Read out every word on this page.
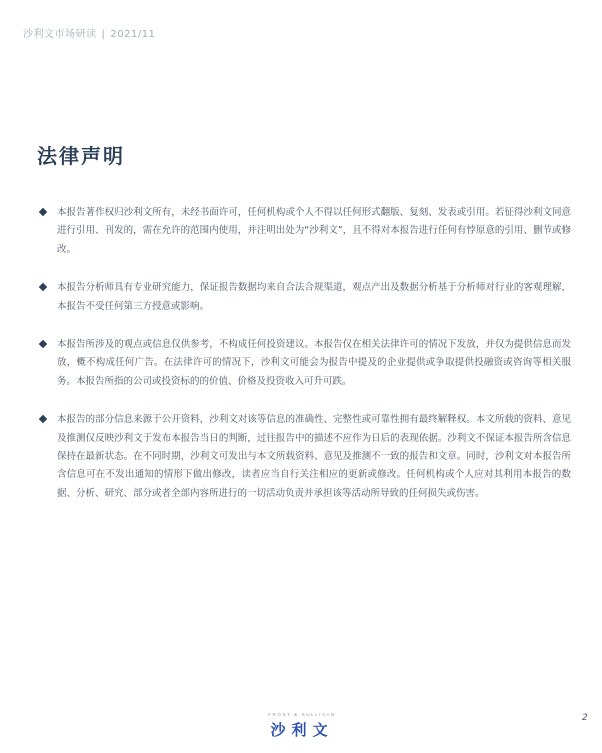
沙利文市场研读 | 2021/11
法律声明
本报告著作权归沙利文所有，未经书面许可，任何机构或个人不得以任何形式翻版、复刻、发表或引用。若征得沙利文同意进行引用、刊发的，需在允许的范围内使用，并注明出处为“沙利文”，且不得对本报告进行任何有悖原意的引用、删节或修改。
本报告分析师具有专业研究能力，保证报告数据均来自合法合规渠道，观点产出及数据分析基于分析师对行业的客观理解，本报告不受任何第三方授意或影响。
本报告所涉及的观点或信息仅供参考，不构成任何投资建议。本报告仅在相关法律许可的情况下发放，并仅为提供信息而发放，概不构成任何广告。在法律许可的情况下，沙利文可能会为报告中提及的企业提供或争取提供投融资或咨询等相关服务。本报告所指的公司或投资标的的价值、价格及投资收入可升可跌。
本报告的部分信息来源于公开资料，沙利文对该等信息的准确性、完整性或可靠性拥有最终解释权。本文所载的资料、意见及推测仅反映沙利文于发布本报告当日的判断，过往报告中的描述不应作为日后的表现依据。沙利文不保证本报告所含信息保持在最新状态。在不同时期，沙利文可发出与本文所载资料、意见及推测不一致的报告和文章。同时，沙利文对本报告所含信息可在不发出通知的情形下做出修改，读者应当自行关注相应的更新或修改。任何机构或个人应对其利用本报告的数据、分析、研究、部分或者全部内容所进行的一切活动负责并承担该等活动所导致的任何损失或伤害。
FROST & SULLIVAN
沙利文
2
